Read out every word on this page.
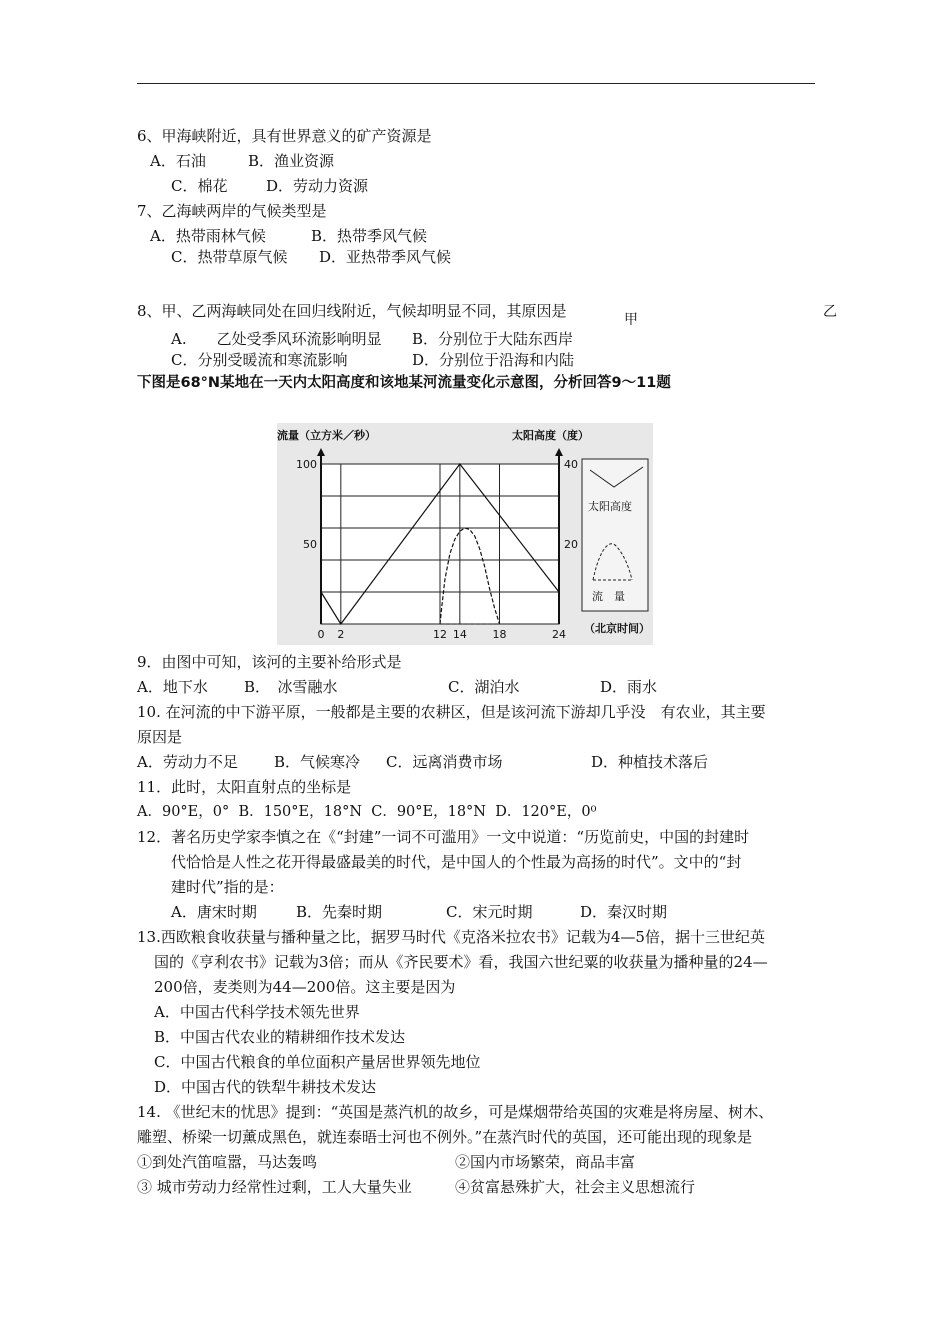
6、甲海峡附近，具有世界意义的矿产资源是
A．石油	B．渔业资源
C．棉花	D．劳动力资源
7、乙海峡两岸的气候类型是
A．热带雨林气候	B．热带季风气候
C．热带草原气候 D．亚热带季风气候
8、甲、乙两海峡同处在回归线附近，气候却明显不同，其原因是	甲	乙
A.　　乙处受季风环流影响明显 B．分别位于大陆东西岸
C．分别受暖流和寒流影响	D．分别位于沿海和内陆
下图是68°N某地在一天内太阳高度和该地某河流量变化示意图，分析回答9～11题
0 2	12 14 18	24
100
50
40
20
流量（立方米／秒）	太阳高度（度）
（北京时间）
太阳高度
流　量
9．由图中可知，该河的主要补给形式是
A．地下水 B．　冰雪融水	C．湖泊水	D．雨水
10. 在河流的中下游平原，一般都是主要的农耕区，但是该河流下游却几乎没　有农业，其主要
原因是
A．劳动力不足 B．气候寒冷 C．远离消费市场	D．种植技术落后
11．此时，太阳直射点的坐标是
A．90°E，0°  B．150°E，18°N  C．90°E，18°N  D．120°E，0⁰
12．著名历史学家李慎之在《“封建”一词不可滥用》一文中说道：“历览前史，中国的封建时
代恰恰是人性之花开得最盛最美的时代，是中国人的个性最为高扬的时代”。文中的“封
建时代”指的是：
A．唐宋时期	B．先秦时期	C．宋元时期	D．秦汉时期
13.西欧粮食收获量与播种量之比，据罗马时代《克洛米拉农书》记载为4—5倍，据十三世纪英
国的《亨利农书》记载为3倍；而从《齐民要术》看，我国六世纪粟的收获量为播种量的24—
200倍，麦类则为44—200倍。这主要是因为
A．中国古代科学技术领先世界
B．中国古代农业的精耕细作技术发达
C．中国古代粮食的单位面积产量居世界领先地位
D．中国古代的铁犁牛耕技术发达
14. 《世纪末的忧思》提到：“英国是蒸汽机的故乡，可是煤烟带给英国的灾难是将房屋、树木、
雕塑、桥梁一切薰成黑色，就连泰晤士河也不例外。”在蒸汽时代的英国，还可能出现的现象是
①到处汽笛喧嚣，马达轰鸣	②国内市场繁荣，商品丰富
③ 城市劳动力经常性过剩，工人大量失业	④贫富悬殊扩大，社会主义思想流行
